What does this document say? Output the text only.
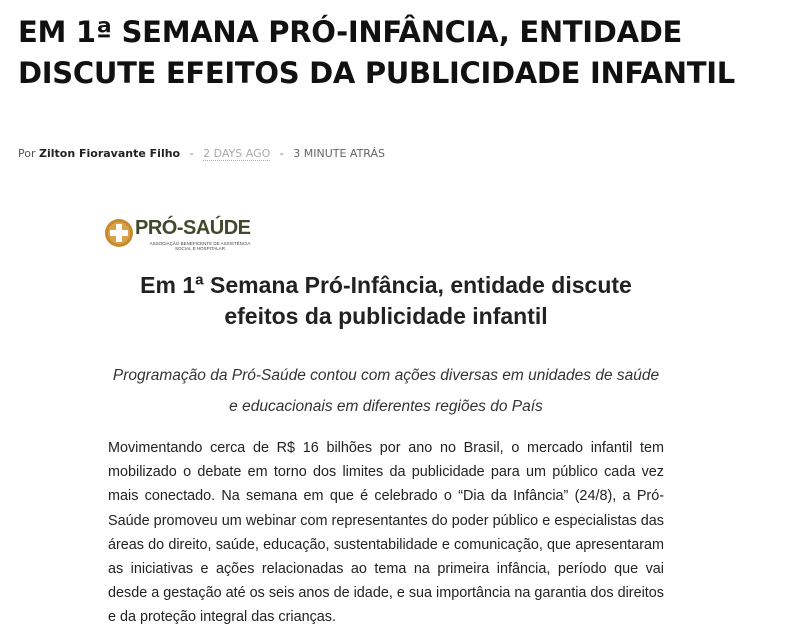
EM 1ª SEMANA PRÓ-INFÂNCIA, ENTIDADE DISCUTE EFEITOS DA PUBLICIDADE INFANTIL
Por Zilton Fioravante Filho - 2 DAYS AGO - 3 MINUTE ATRÁS
PRÓ-SAÚDE
ASSOCIAÇÃO BENEFICENTE DE ASSISTÊNCIA SOCIAL E HOSPITALAR
Em 1ª Semana Pró-Infância, entidade discute efeitos da publicidade infantil

Programação da Pró-Saúde contou com ações diversas em unidades de saúde e educacionais em diferentes regiões do País

Movimentando cerca de R$ 16 bilhões por ano no Brasil, o mercado infantil tem mobilizado o debate em torno dos limites da publicidade para um público cada vez mais conectado. Na semana em que é celebrado o “Dia da Infância” (24/8), a Pró-Saúde promoveu um webinar com representantes do poder público e especialistas das áreas do direito, saúde, educação, sustentabilidade e comunicação, que apresentaram as iniciativas e ações relacionadas ao tema na primeira infância, período que vai desde a gestação até os seis anos de idade, e sua importância na garantia dos direitos e da proteção integral das crianças.
